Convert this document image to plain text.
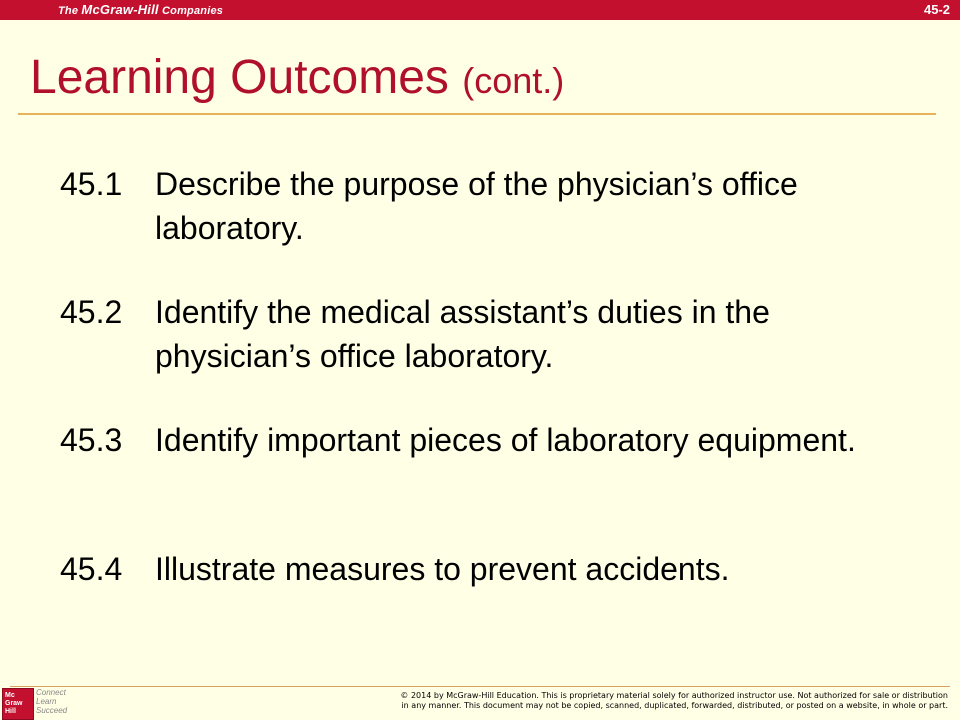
The McGraw-Hill Companies	45-2
Learning Outcomes (cont.)
45.1	Describe the purpose of the physician’s office laboratory.
45.2	Identify the medical assistant’s duties in the physician’s office laboratory.
45.3	Identify important pieces of laboratory equipment.
45.4	Illustrate measures to prevent accidents.
Mc
Graw
Hill
Connect
Learn
Succeed
© 2014 by McGraw-Hill Education. This is proprietary material solely for authorized instructor use. Not authorized for sale or distribution
in any manner. This document may not be copied, scanned, duplicated, forwarded, distributed, or posted on a website, in whole or part.
